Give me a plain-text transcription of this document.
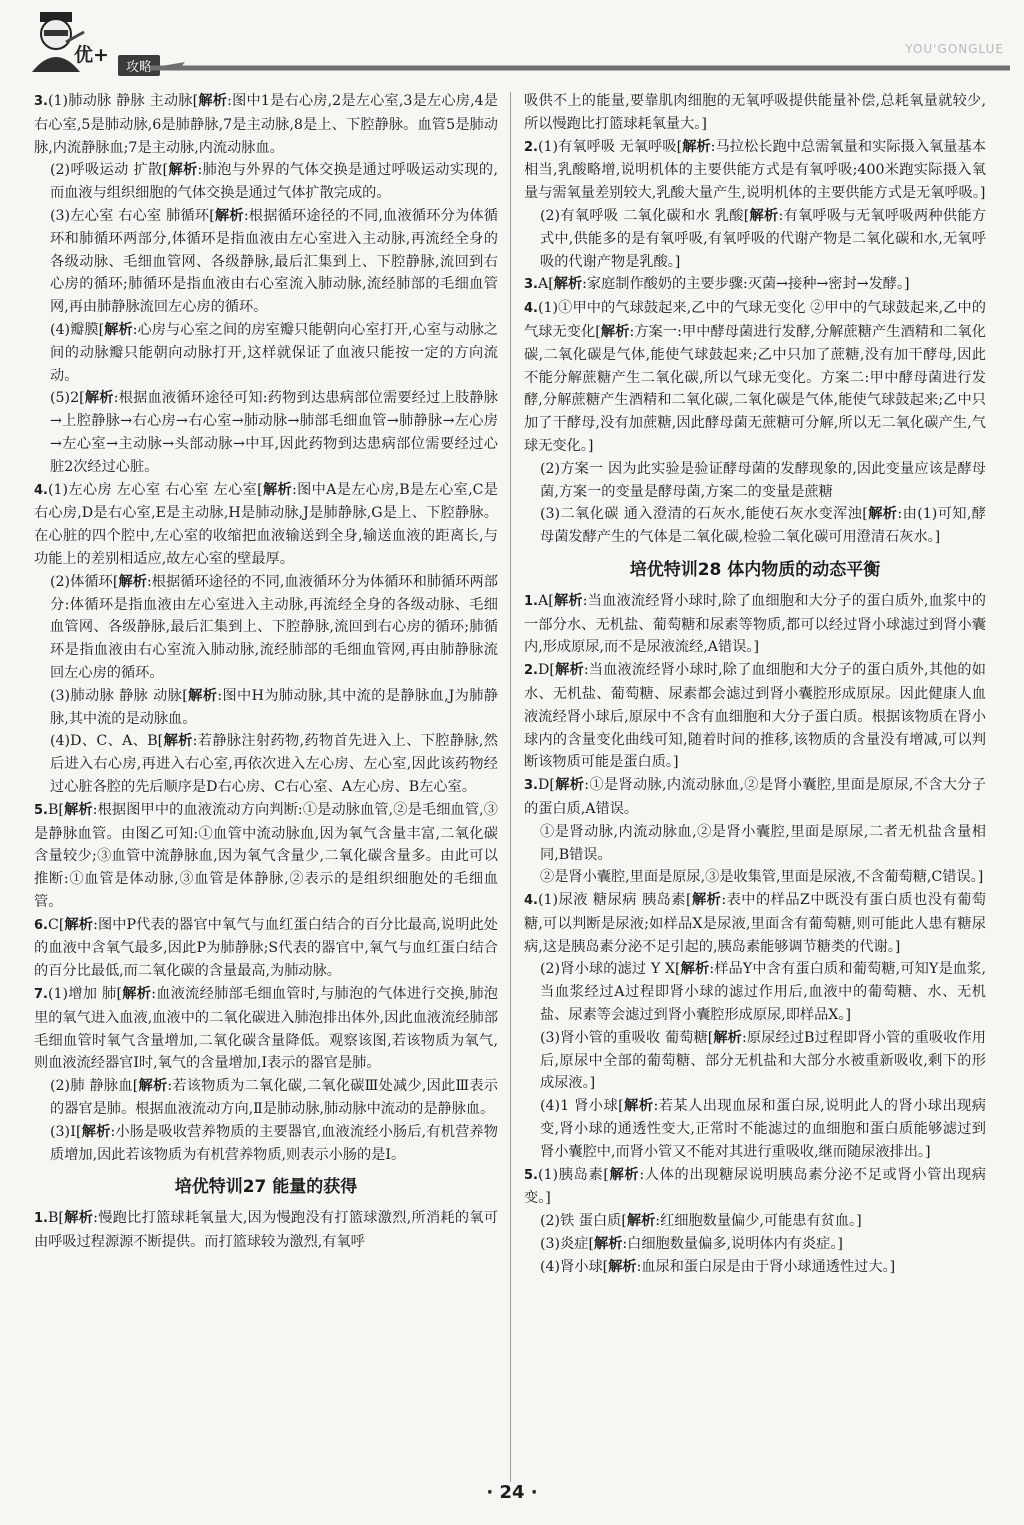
优+
攻略
YOU'GONGLUE

3.(1)肺动脉 静脉 主动脉[解析:图中1是右心房,2是左心室,3是左心房,4是右心室,5是肺动脉,6是肺静脉,7是主动脉,8是上、下腔静脉。血管5是肺动脉,内流静脉血;7是主动脉,内流动脉血。

(2)呼吸运动 扩散[解析:肺泡与外界的气体交换是通过呼吸运动实现的,而血液与组织细胞的气体交换是通过气体扩散完成的。

(3)左心室 右心室 肺循环[解析:根据循环途径的不同,血液循环分为体循环和肺循环两部分,体循环是指血液由左心室进入主动脉,再流经全身的各级动脉、毛细血管网、各级静脉,最后汇集到上、下腔静脉,流回到右心房的循环;肺循环是指血液由右心室流入肺动脉,流经肺部的毛细血管网,再由肺静脉流回左心房的循环。

(4)瓣膜[解析:心房与心室之间的房室瓣只能朝向心室打开,心室与动脉之间的动脉瓣只能朝向动脉打开,这样就保证了血液只能按一定的方向流动。

(5)2[解析:根据血液循环途径可知:药物到达患病部位需要经过上肢静脉→上腔静脉→右心房→右心室→肺动脉→肺部毛细血管→肺静脉→左心房→左心室→主动脉→头部动脉→中耳,因此药物到达患病部位需要经过心脏2次经过心脏。

4.(1)左心房 左心室 右心室 左心室[解析:图中A是左心房,B是左心室,C是右心房,D是右心室,E是主动脉,H是肺动脉,J是肺静脉,G是上、下腔静脉。在心脏的四个腔中,左心室的收缩把血液输送到全身,输送血液的距离长,与功能上的差别相适应,故左心室的壁最厚。

(2)体循环[解析:根据循环途径的不同,血液循环分为体循环和肺循环两部分:体循环是指血液由左心室进入主动脉,再流经全身的各级动脉、毛细血管网、各级静脉,最后汇集到上、下腔静脉,流回到右心房的循环;肺循环是指血液由右心室流入肺动脉,流经肺部的毛细血管网,再由肺静脉流回左心房的循环。

(3)肺动脉 静脉 动脉[解析:图中H为肺动脉,其中流的是静脉血,J为肺静脉,其中流的是动脉血。

(4)D、C、A、B[解析:若静脉注射药物,药物首先进入上、下腔静脉,然后进入右心房,再进入右心室,再依次进入左心房、左心室,因此该药物经过心脏各腔的先后顺序是D右心房、C右心室、A左心房、B左心室。

5.B[解析:根据图甲中的血液流动方向判断:①是动脉血管,②是毛细血管,③是静脉血管。由图乙可知:①血管中流动脉血,因为氧气含量丰富,二氧化碳含量较少;③血管中流静脉血,因为氧气含量少,二氧化碳含量多。由此可以推断:①血管是体动脉,③血管是体静脉,②表示的是组织细胞处的毛细血管。

6.C[解析:图中P代表的器官中氧气与血红蛋白结合的百分比最高,说明此处的血液中含氧气最多,因此P为肺静脉;S代表的器官中,氧气与血红蛋白结合的百分比最低,而二氧化碳的含量最高,为肺动脉。

7.(1)增加 肺[解析:血液流经肺部毛细血管时,与肺泡的气体进行交换,肺泡里的氧气进入血液,血液中的二氧化碳进入肺泡排出体外,因此血液流经肺部毛细血管时氧气含量增加,二氧化碳含量降低。观察该图,若该物质为氧气,则血液流经器官Ⅰ时,氧气的含量增加,Ⅰ表示的器官是肺。

(2)肺 静脉血[解析:若该物质为二氧化碳,二氧化碳Ⅲ处减少,因此Ⅲ表示的器官是肺。根据血液流动方向,Ⅱ是肺动脉,肺动脉中流动的是静脉血。

(3)Ⅰ[解析:小肠是吸收营养物质的主要器官,血液流经小肠后,有机营养物质增加,因此若该物质为有机营养物质,则表示小肠的是Ⅰ。

培优特训27 能量的获得

1.B[解析:慢跑比打篮球耗氧量大,因为慢跑没有打篮球激烈,所消耗的氧可由呼吸过程源源不断提供。而打篮球较为激烈,有氧呼

吸供不上的能量,要靠肌肉细胞的无氧呼吸提供能量补偿,总耗氧量就较少,所以慢跑比打篮球耗氧量大。]

2.(1)有氧呼吸 无氧呼吸[解析:马拉松长跑中总需氧量和实际摄入氧量基本相当,乳酸略增,说明机体的主要供能方式是有氧呼吸;400米跑实际摄入氧量与需氧量差别较大,乳酸大量产生,说明机体的主要供能方式是无氧呼吸。]

(2)有氧呼吸 二氧化碳和水 乳酸[解析:有氧呼吸与无氧呼吸两种供能方式中,供能多的是有氧呼吸,有氧呼吸的代谢产物是二氧化碳和水,无氧呼吸的代谢产物是乳酸。]

3.A[解析:家庭制作酸奶的主要步骤:灭菌→接种→密封→发酵。]

4.(1)①甲中的气球鼓起来,乙中的气球无变化 ②甲中的气球鼓起来,乙中的气球无变化[解析:方案一:甲中酵母菌进行发酵,分解蔗糖产生酒精和二氧化碳,二氧化碳是气体,能使气球鼓起来;乙中只加了蔗糖,没有加干酵母,因此不能分解蔗糖产生二氧化碳,所以气球无变化。方案二:甲中酵母菌进行发酵,分解蔗糖产生酒精和二氧化碳,二氧化碳是气体,能使气球鼓起来;乙中只加了干酵母,没有加蔗糖,因此酵母菌无蔗糖可分解,所以无二氧化碳产生,气球无变化。]

(2)方案一 因为此实验是验证酵母菌的发酵现象的,因此变量应该是酵母菌,方案一的变量是酵母菌,方案二的变量是蔗糖

(3)二氧化碳 通入澄清的石灰水,能使石灰水变浑浊[解析:由(1)可知,酵母菌发酵产生的气体是二氧化碳,检验二氧化碳可用澄清石灰水。]

培优特训28 体内物质的动态平衡

1.A[解析:当血液流经肾小球时,除了血细胞和大分子的蛋白质外,血浆中的一部分水、无机盐、葡萄糖和尿素等物质,都可以经过肾小球滤过到肾小囊内,形成原尿,而不是尿液流经,A错误。]

2.D[解析:当血液流经肾小球时,除了血细胞和大分子的蛋白质外,其他的如水、无机盐、葡萄糖、尿素都会滤过到肾小囊腔形成原尿。因此健康人血液流经肾小球后,原尿中不含有血细胞和大分子蛋白质。根据该物质在肾小球内的含量变化曲线可知,随着时间的推移,该物质的含量没有增减,可以判断该物质可能是蛋白质。]

3.D[解析:①是肾动脉,内流动脉血,②是肾小囊腔,里面是原尿,不含大分子的蛋白质,A错误。

①是肾动脉,内流动脉血,②是肾小囊腔,里面是原尿,二者无机盐含量相同,B错误。

②是肾小囊腔,里面是原尿,③是收集管,里面是尿液,不含葡萄糖,C错误。]

4.(1)尿液 糖尿病 胰岛素[解析:表中的样品Z中既没有蛋白质也没有葡萄糖,可以判断是尿液;如样品X是尿液,里面含有葡萄糖,则可能此人患有糖尿病,这是胰岛素分泌不足引起的,胰岛素能够调节糖类的代谢。]

(2)肾小球的滤过 Y X[解析:样品Y中含有蛋白质和葡萄糖,可知Y是血浆,当血浆经过A过程即肾小球的滤过作用后,血液中的葡萄糖、水、无机盐、尿素等会滤过到肾小囊腔形成原尿,即样品X。]

(3)肾小管的重吸收 葡萄糖[解析:原尿经过B过程即肾小管的重吸收作用后,原尿中全部的葡萄糖、部分无机盐和大部分水被重新吸收,剩下的形成尿液。]

(4)1 肾小球[解析:若某人出现血尿和蛋白尿,说明此人的肾小球出现病变,肾小球的通透性变大,正常时不能滤过的血细胞和蛋白质能够滤过到肾小囊腔中,而肾小管又不能对其进行重吸收,继而随尿液排出。]

5.(1)胰岛素[解析:人体的出现糖尿说明胰岛素分泌不足或肾小管出现病变。]

(2)铁 蛋白质[解析:红细胞数量偏少,可能患有贫血。]

(3)炎症[解析:白细胞数量偏多,说明体内有炎症。]

(4)肾小球[解析:血尿和蛋白尿是由于肾小球通透性过大。]

· 24 ·
